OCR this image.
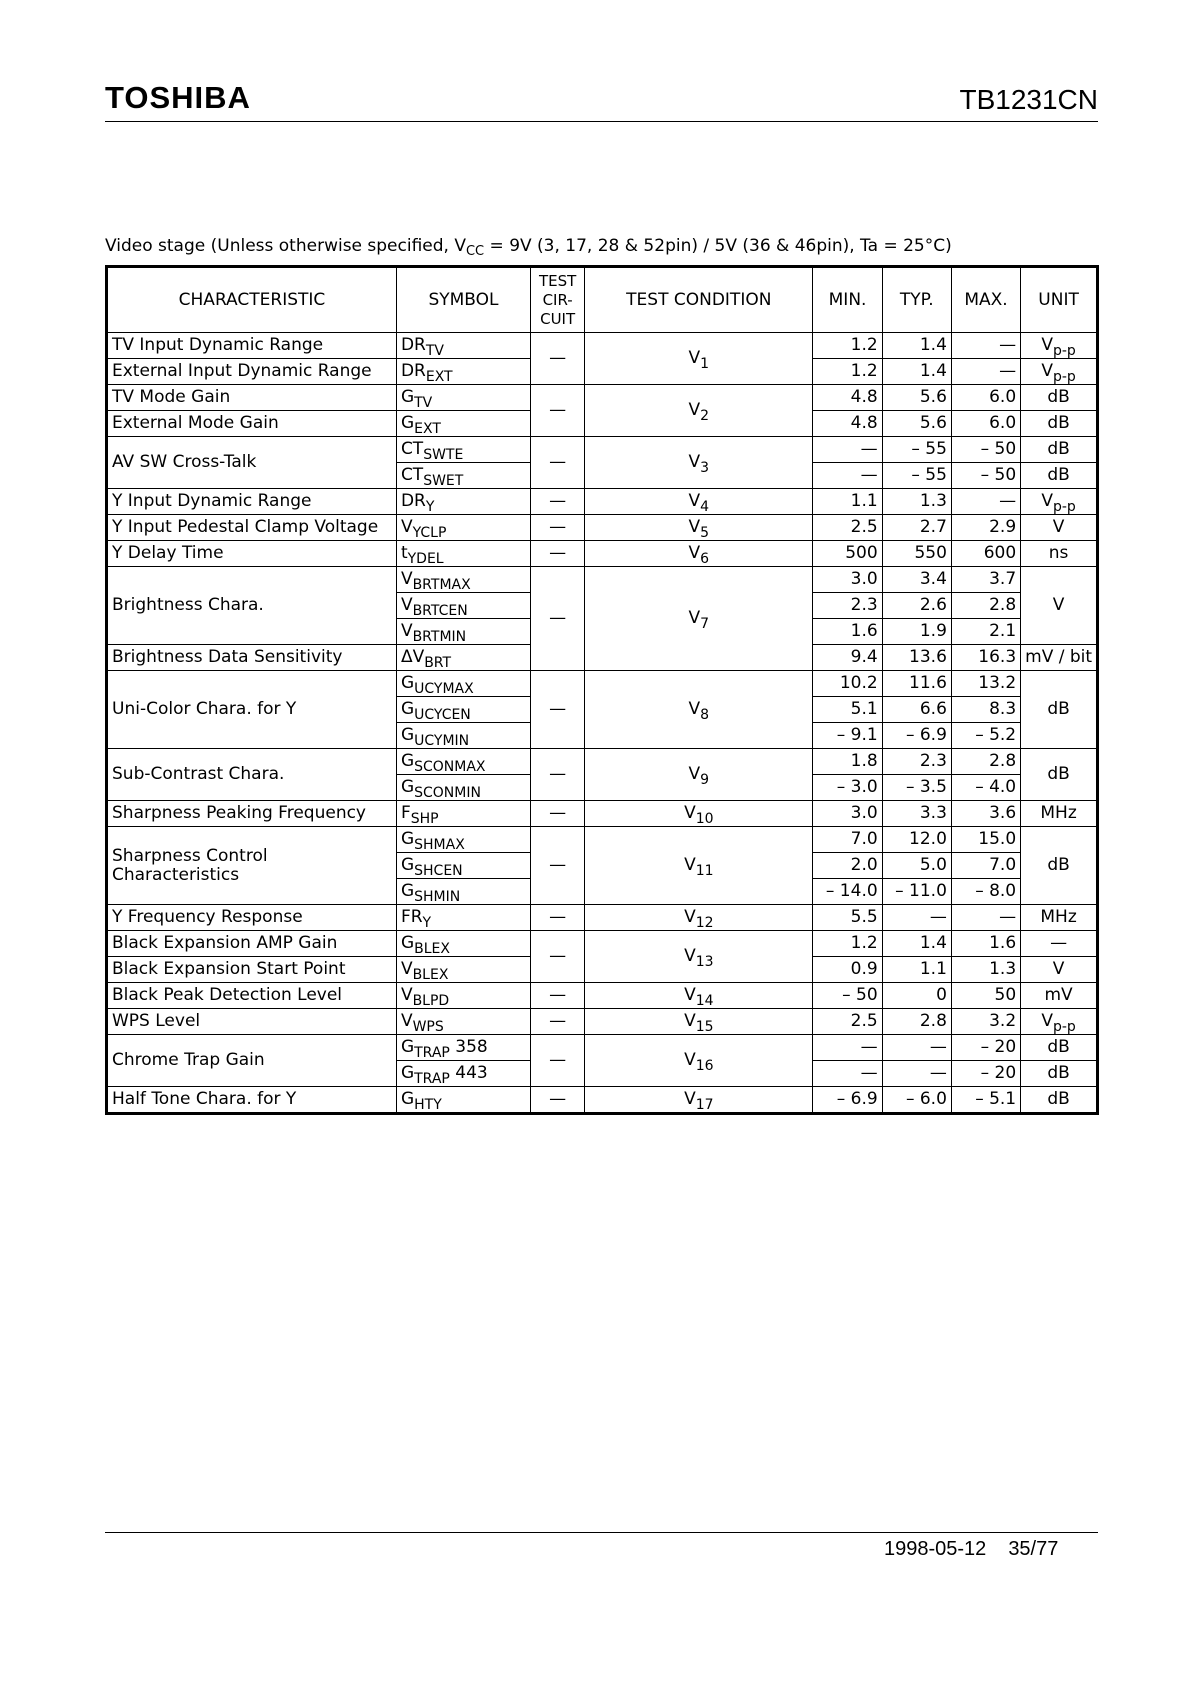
TOSHIBA	TB1231CN
Video stage (Unless otherwise specified, $V_{CC} = 9V$ (3, 17, 28 & 52pin) / 5V (36 & 46pin), Ta = 25°C)
CHARACTERISTIC	SYMBOL	TEST
CIR-
CUIT	TEST CONDITION	MIN.	TYP.	MAX.	UNIT
TV Input Dynamic Range	$DR_{TV}$	—	$V_1$	1.2	1.4	—	$V_{p-p}$
External Input Dynamic Range	$DR_{EXT}$			1.2	1.4	—	$V_{p-p}$
TV Mode Gain	$G_{TV}$	—	$V_2$	4.8	5.6	6.0	dB
External Mode Gain	$G_{EXT}$			4.8	5.6	6.0	dB
AV SW Cross-Talk	$CT_{SWTE}$	—	$V_3$	—	– 55	– 50	dB
	$CT_{SWET}$			—	– 55	– 50	dB
Y Input Dynamic Range	$DR_Y$	—	$V_4$	1.1	1.3	—	$V_{p-p}$
Y Input Pedestal Clamp Voltage	$V_{YCLP}$	—	$V_5$	2.5	2.7	2.9	V
Y Delay Time	$t_{YDEL}$	—	$V_6$	500	550	600	ns
Brightness Chara.	$V_{BRTMAX}$	—	$V_7$	3.0	3.4	3.7	V
	$V_{BRTCEN}$			2.3	2.6	2.8	
	$V_{BRTMIN}$			1.6	1.9	2.1	
Brightness Data Sensitivity	$\Delta V_{BRT}$			9.4	13.6	16.3	mV / bit
Uni-Color Chara. for Y	$G_{UCYMAX}$	—	$V_8$	10.2	11.6	13.2	dB
	$G_{UCYCEN}$			5.1	6.6	8.3	
	$G_{UCYMIN}$			– 9.1	– 6.9	– 5.2	
Sub-Contrast Chara.	$G_{SCONMAX}$	—	$V_9$	1.8	2.3	2.8	dB
	$G_{SCONMIN}$			– 3.0	– 3.5	– 4.0	
Sharpness Peaking Frequency	$F_{SHP}$	—	$V_{10}$	3.0	3.3	3.6	MHz
Sharpness Control Characteristics	$G_{SHMAX}$	—	$V_{11}$	7.0	12.0	15.0	dB
	$G_{SHCEN}$			2.0	5.0	7.0	
	$G_{SHMIN}$			– 14.0	– 11.0	– 8.0	
Y Frequency Response	$FR_Y$	—	$V_{12}$	5.5	—	—	MHz
Black Expansion AMP Gain	$G_{BLEX}$	—	$V_{13}$	1.2	1.4	1.6	—
Black Expansion Start Point	$V_{BLEX}$			0.9	1.1	1.3	V
Black Peak Detection Level	$V_{BLPD}$	—	$V_{14}$	– 50	0	50	mV
WPS Level	$V_{WPS}$	—	$V_{15}$	2.5	2.8	3.2	$V_{p-p}$
Chrome Trap Gain	$G_{TRAP}$ 358	—	$V_{16}$	—	—	– 20	dB
	$G_{TRAP}$ 443			—	—	– 20	dB
Half Tone Chara. for Y	$G_{HTY}$	—	$V_{17}$	– 6.9	– 6.0	– 5.1	dB
1998-05-12 35/77
